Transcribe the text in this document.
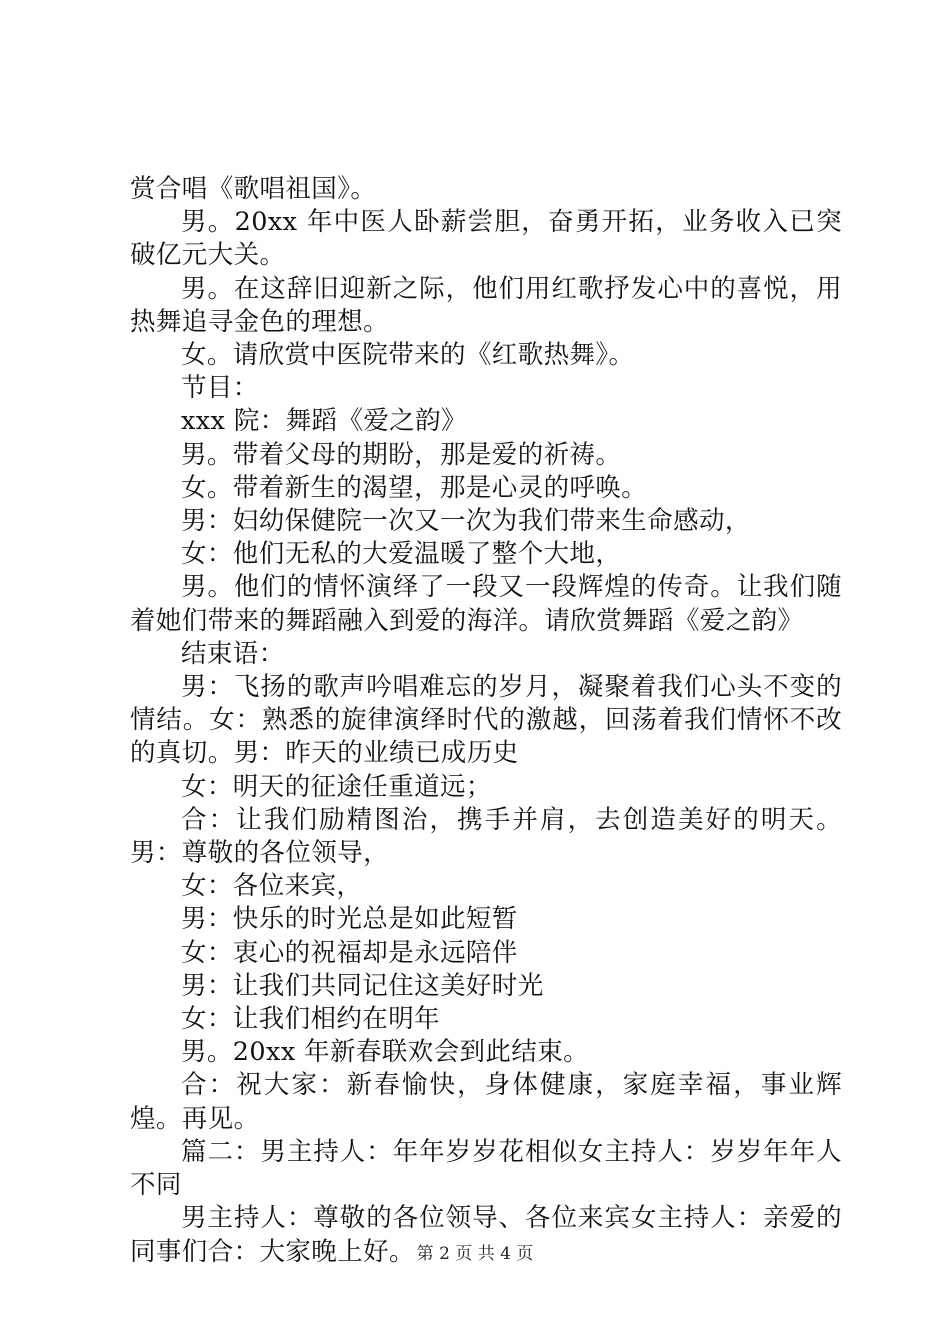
赏合唱《歌唱祖国》。

男。20xx 年中医人卧薪尝胆，奋勇开拓，业务收入已突破亿元大关。

男。在这辞旧迎新之际，他们用红歌抒发心中的喜悦，用热舞追寻金色的理想。

女。请欣赏中医院带来的《红歌热舞》。

节目：

xxx 院：舞蹈《爱之韵》

男。带着父母的期盼，那是爱的祈祷。

女。带着新生的渴望，那是心灵的呼唤。

男：妇幼保健院一次又一次为我们带来生命感动，

女：他们无私的大爱温暖了整个大地，

男。他们的情怀演绎了一段又一段辉煌的传奇。让我们随着她们带来的舞蹈融入到爱的海洋。请欣赏舞蹈《爱之韵》

结束语：

男：飞扬的歌声吟唱难忘的岁月，凝聚着我们心头不变的情结。女：熟悉的旋律演绎时代的激越，回荡着我们情怀不改的真切。男：昨天的业绩已成历史

女：明天的征途任重道远；

合：让我们励精图治，携手并肩，去创造美好的明天。男：尊敬的各位领导，

女：各位来宾，

男：快乐的时光总是如此短暂

女：衷心的祝福却是永远陪伴

男：让我们共同记住这美好时光

女：让我们相约在明年

男。20xx 年新春联欢会到此结束。

合：祝大家：新春愉快，身体健康，家庭幸福，事业辉煌。再见。

篇二：男主持人：年年岁岁花相似女主持人：岁岁年年人不同

男主持人：尊敬的各位领导、各位来宾女主持人：亲爱的同事们合：大家晚上好。 第 2 页 共 4 页
